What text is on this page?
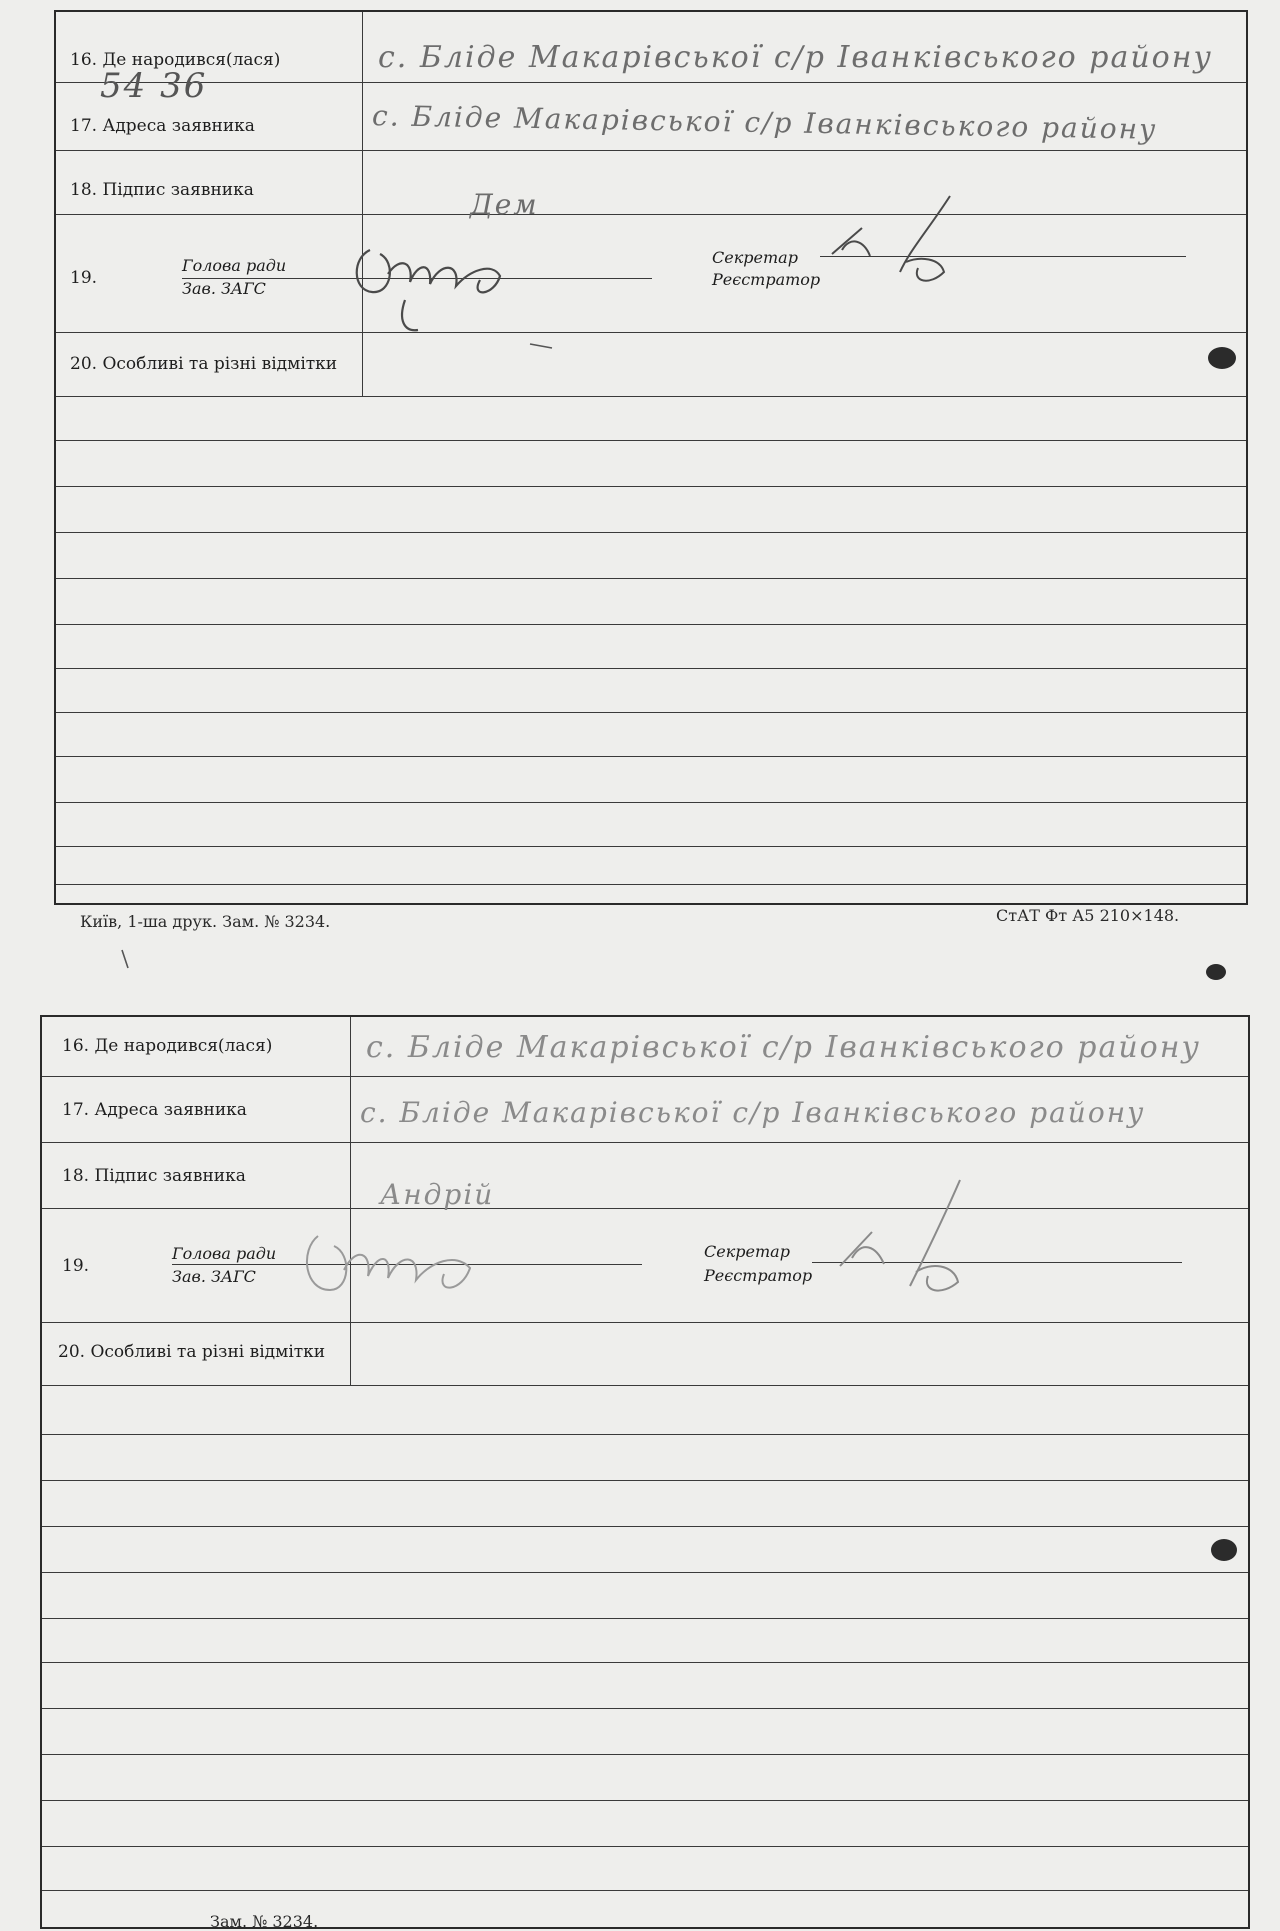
16. Де народився(лася)
17. Адреса заявника
18. Підпис заявника
19.
Голова ради
Зав. ЗАГС
Секретар
Реєстратор
20. Особливі та різні відмітки
с. Бліде Макарівської с/р Іванківського району
с. Бліде Макарівської с/р Іванківського району
Дем
54 36
Київ, 1-ша друк. Зам. № 3234.	СтАТ Фт А5 210×148.
16. Де народився(лася)
17. Адреса заявника
18. Підпис заявника
19.
Голова ради
Зав. ЗАГС
Секретар
Реєстратор
20. Особливі та різні відмітки
с. Бліде Макарівської с/р Іванківського району
с. Бліде Макарівської с/р Іванківського району
Андрій
Зам. № 3234.
